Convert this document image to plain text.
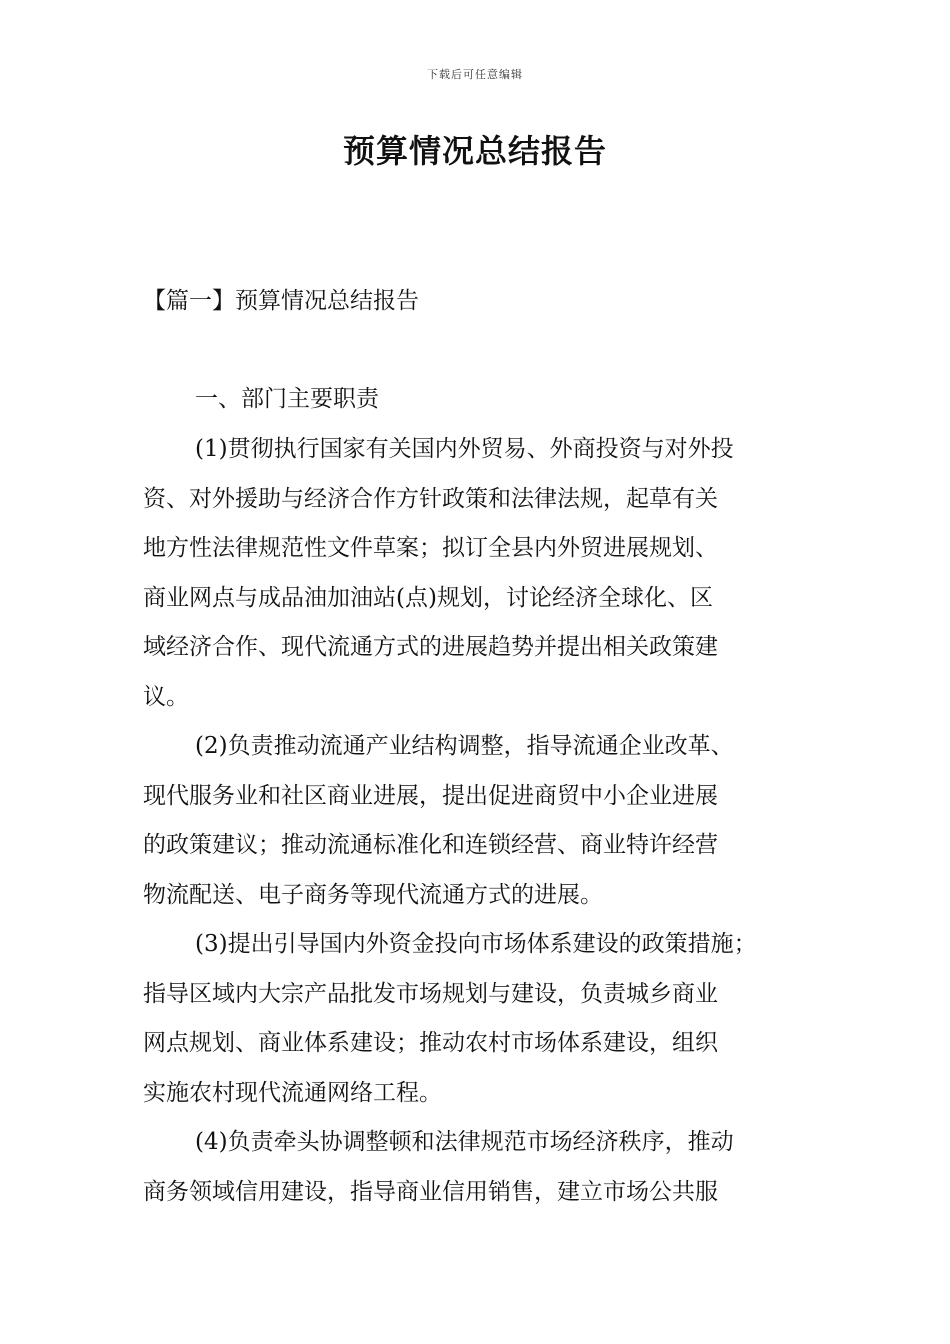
下载后可任意编辑
预算情况总结报告
【篇一】预算情况总结报告
一、部门主要职责

(1)贯彻执行国家有关国内外贸易、外商投资与对外投
资、对外援助与经济合作方针政策和法律法规，起草有关
地方性法律规范性文件草案；拟订全县内外贸进展规划、
商业网点与成品油加油站(点)规划，讨论经济全球化、区
域经济合作、现代流通方式的进展趋势并提出相关政策建
议。

(2)负责推动流通产业结构调整，指导流通企业改革、
现代服务业和社区商业进展，提出促进商贸中小企业进展
的政策建议；推动流通标准化和连锁经营、商业特许经营
物流配送、电子商务等现代流通方式的进展。

(3)提出引导国内外资金投向市场体系建设的政策措施；
指导区域内大宗产品批发市场规划与建设，负责城乡商业
网点规划、商业体系建设；推动农村市场体系建设，组织
实施农村现代流通网络工程。

(4)负责牵头协调整顿和法律规范市场经济秩序，推动
商务领域信用建设，指导商业信用销售，建立市场公共服
